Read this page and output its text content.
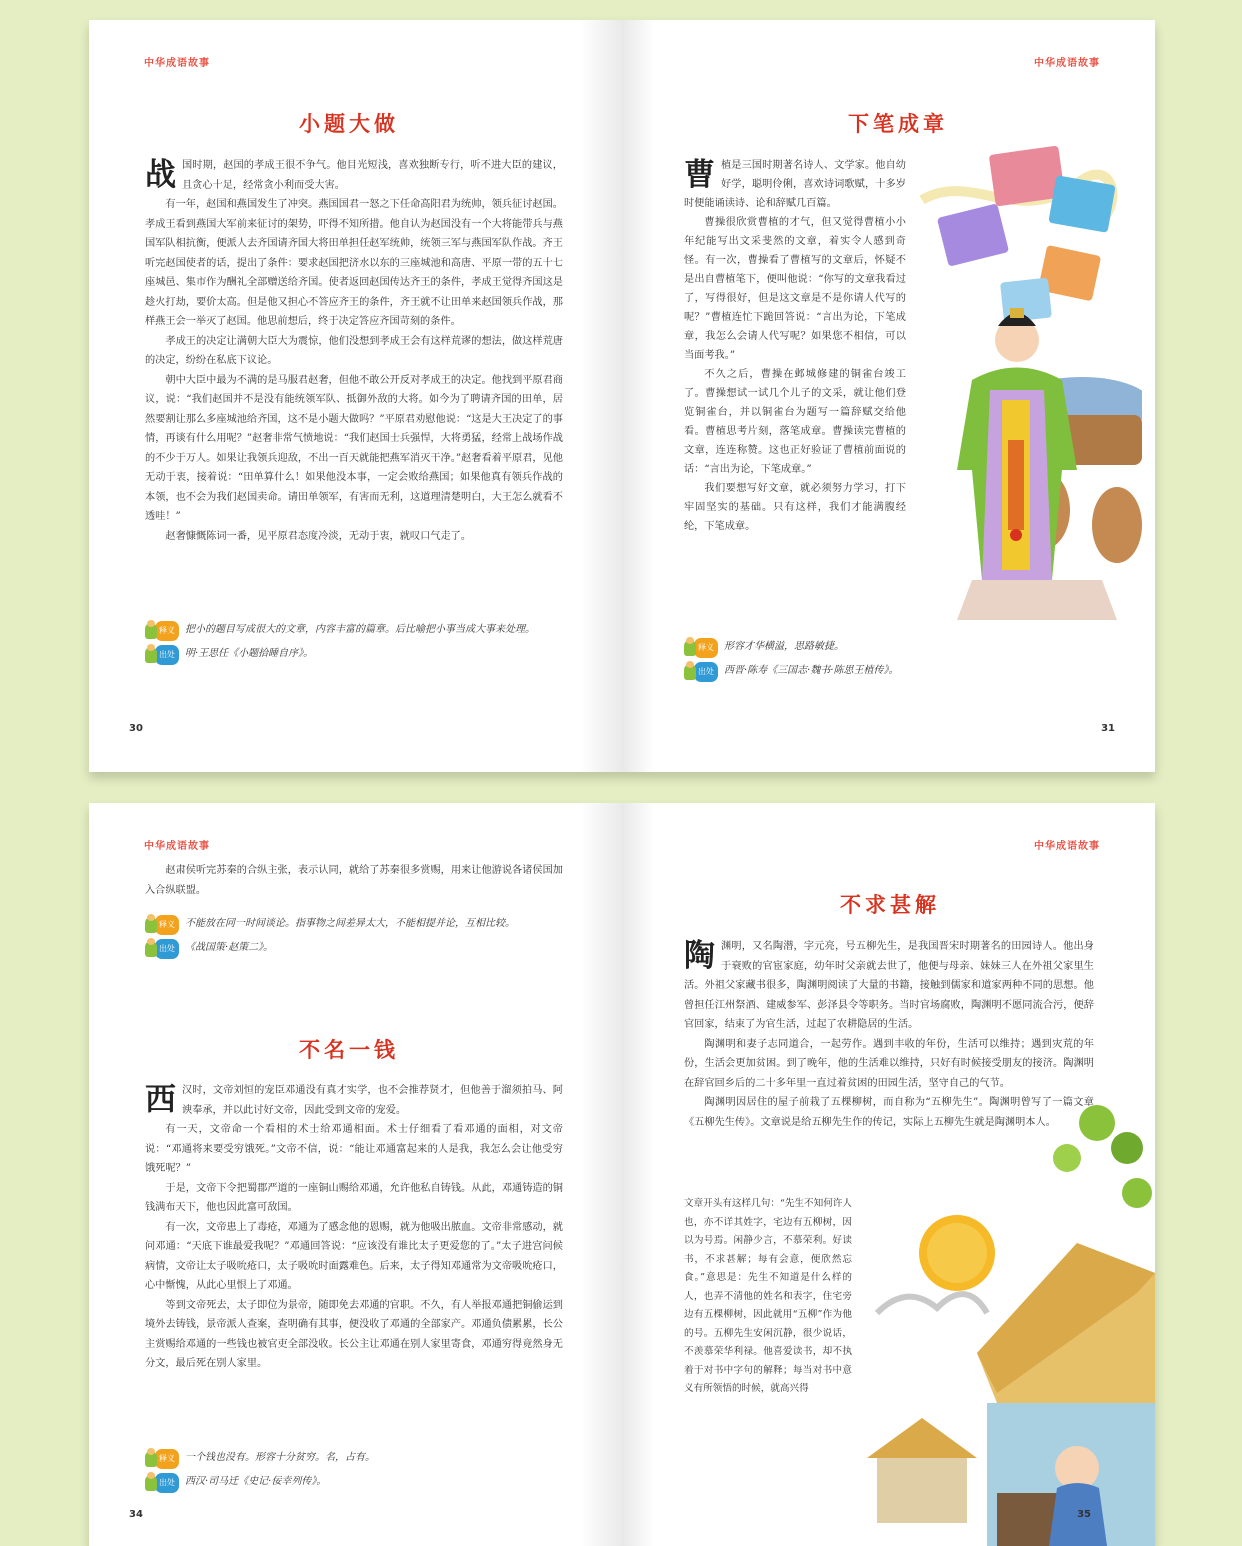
中华成语故事
小题大做
战 国时期，赵国的孝成王很不争气。他目光短浅，喜欢独断专行，听不进大臣的建议，且贪心十足，经常贪小利而受大害。

有一年，赵国和燕国发生了冲突。燕国国君一怒之下任命高阳君为统帅，领兵征讨赵国。孝成王看到燕国大军前来征讨的架势，吓得不知所措。他自认为赵国没有一个大将能带兵与燕国军队相抗衡，便派人去齐国请齐国大将田单担任赵军统帅，统领三军与燕国军队作战。齐王听完赵国使者的话，提出了条件：要求赵国把济水以东的三座城池和高唐、平原一带的五十七座城邑、集市作为酬礼全部赠送给齐国。使者返回赵国传达齐王的条件，孝成王觉得齐国这是趁火打劫，要价太高。但是他又担心不答应齐王的条件，齐王就不让田单来赵国领兵作战，那样燕王会一举灭了赵国。他思前想后，终于决定答应齐国苛刻的条件。

孝成王的决定让满朝大臣大为震惊，他们没想到孝成王会有这样荒谬的想法，做这样荒唐的决定，纷纷在私底下议论。

朝中大臣中最为不满的是马服君赵奢，但他不敢公开反对孝成王的决定。他找到平原君商议，说：“我们赵国并不是没有能统领军队、抵御外敌的大将。如今为了聘请齐国的田单，居然要割让那么多座城池给齐国，这不是小题大做吗？”平原君劝慰他说：“这是大王决定了的事情，再谈有什么用呢？”赵奢非常气愤地说：“我们赵国士兵强悍，大将勇猛，经常上战场作战的不少于万人。如果让我领兵迎敌，不出一百天就能把燕军消灭干净。”赵奢看着平原君，见他无动于衷，接着说：“田单算什么！如果他没本事，一定会败给燕国；如果他真有领兵作战的本领，也不会为我们赵国卖命。请田单领军，有害而无利，这道理清楚明白，大王怎么就看不透哇！”

赵奢慷慨陈词一番，见平原君态度冷淡，无动于衷，就叹口气走了。

释义	把小的题目写成很大的文章，内容丰富的篇章。后比喻把小事当成大事来处理。
出处	明·王思任《小题拾睡自序》。
30
中华成语故事
下笔成章
曹 植是三国时期著名诗人、文学家。他自幼好学，聪明伶俐，喜欢诗词歌赋，十多岁时便能诵读诗、论和辞赋几百篇。

曹操很欣赏曹植的才气，但又觉得曹植小小年纪能写出文采斐然的文章，着实令人感到奇怪。有一次，曹操看了曹植写的文章后，怀疑不是出自曹植笔下，便叫他说：“你写的文章我看过了，写得很好，但是这文章是不是你请人代写的呢？”曹植连忙下跪回答说：“言出为论，下笔成章，我怎么会请人代写呢？如果您不相信，可以当面考我。”

不久之后，曹操在邺城修建的铜雀台竣工了。曹操想试一试几个儿子的文采，就让他们登览铜雀台，并以铜雀台为题写一篇辞赋交给他看。曹植思考片刻，落笔成章。曹操读完曹植的文章，连连称赞。这也正好验证了曹植前面说的话：“言出为论，下笔成章。”

我们要想写好文章，就必须努力学习，打下牢固坚实的基础。只有这样，我们才能满腹经纶，下笔成章。

释义	形容才华横溢，思路敏捷。
出处	西晋·陈寿《三国志·魏书·陈思王植传》。
31
中华成语故事

赵肃侯听完苏秦的合纵主张，表示认同，就给了苏秦很多赏赐，用来让他游说各诸侯国加入合纵联盟。

释义	不能放在同一时间谈论。指事物之间差异太大，不能相提并论，互相比较。
出处	《战国策·赵策二》。
不名一钱
西 汉时，文帝刘恒的宠臣邓通没有真才实学，也不会推荐贤才，但他善于溜须拍马、阿谀奉承，并以此讨好文帝，因此受到文帝的宠爱。

有一天，文帝命一个看相的术士给邓通相面。术士仔细看了看邓通的面相，对文帝说：“邓通将来要受穷饿死。”文帝不信，说：“能让邓通富起来的人是我，我怎么会让他受穷饿死呢？”

于是，文帝下令把蜀郡严道的一座铜山赐给邓通，允许他私自铸钱。从此，邓通铸造的铜钱满布天下，他也因此富可敌国。

有一次，文帝患上了毒疮，邓通为了感念他的恩赐，就为他吸出脓血。文帝非常感动，就问邓通：“天底下谁最爱我呢？”邓通回答说：“应该没有谁比太子更爱您的了。”太子进宫问候病情，文帝让太子吸吮疮口，太子吸吮时面露难色。后来，太子得知邓通常为文帝吸吮疮口，心中惭愧，从此心里恨上了邓通。

等到文帝死去，太子即位为景帝，随即免去邓通的官职。不久，有人举报邓通把铜偷运到境外去铸钱，景帝派人查案，查明确有其事，便没收了邓通的全部家产。邓通负债累累，长公主赏赐给邓通的一些钱也被官吏全部没收。长公主让邓通在别人家里寄食，邓通穷得竟然身无分文，最后死在别人家里。

释义	一个钱也没有。形容十分贫穷。名，占有。
出处	西汉·司马迁《史记·佞幸列传》。
34
中华成语故事
不求甚解
陶 渊明，又名陶潜，字元亮，号五柳先生，是我国晋宋时期著名的田园诗人。他出身于衰败的官宦家庭，幼年时父亲就去世了，他便与母亲、妹妹三人在外祖父家里生活。外祖父家藏书很多，陶渊明阅读了大量的书籍，接触到儒家和道家两种不同的思想。他曾担任江州祭酒、建威参军、彭泽县令等职务。当时官场腐败，陶渊明不愿同流合污，便辞官回家，结束了为官生活，过起了农耕隐居的生活。

陶渊明和妻子志同道合，一起劳作。遇到丰收的年份，生活可以维持；遇到灾荒的年份，生活会更加贫困。到了晚年，他的生活难以维持，只好有时候接受朋友的接济。陶渊明在辞官回乡后的二十多年里一直过着贫困的田园生活，坚守自己的气节。

陶渊明因居住的屋子前栽了五棵柳树，而自称为“五柳先生”。陶渊明曾写了一篇文章《五柳先生传》。文章说是给五柳先生作的传记，实际上五柳先生就是陶渊明本人。

文章开头有这样几句：“先生不知何许人也，亦不详其姓字，宅边有五柳树，因以为号焉。闲静少言，不慕荣利。好读书，不求甚解；每有会意，便欣然忘食。”意思是：先生不知道是什么样的人，也弄不清他的姓名和表字，住宅旁边有五棵柳树，因此就用“五柳”作为他的号。五柳先生安闲沉静，很少说话，不羡慕荣华利禄。他喜爱读书，却不执着于对书中字句的解释；每当对书中意义有所领悟的时候，就高兴得

35
